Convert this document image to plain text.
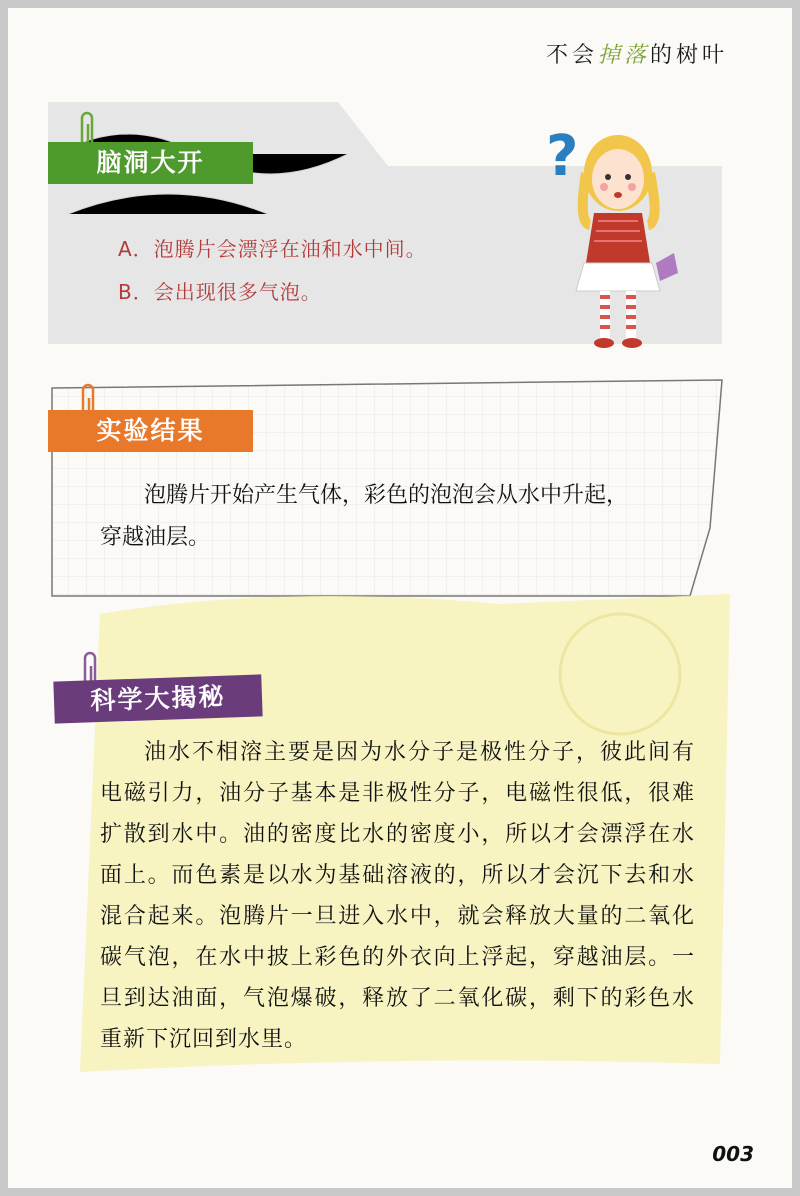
不会掉落的树叶
脑洞大开
A．泡腾片会漂浮在油和水中间。
B．会出现很多气泡。
?
实验结果
泡腾片开始产生气体，彩色的泡泡会从水中升起，
穿越油层。
科学大揭秘
油水不相溶主要是因为水分子是极性分子，彼此间有电磁引力，油分子基本是非极性分子，电磁性很低，很难扩散到水中。油的密度比水的密度小，所以才会漂浮在水面上。而色素是以水为基础溶液的，所以才会沉下去和水混合起来。泡腾片一旦进入水中，就会释放大量的二氧化碳气泡，在水中披上彩色的外衣向上浮起，穿越油层。一旦到达油面，气泡爆破，释放了二氧化碳，剩下的彩色水重新下沉回到水里。
003
